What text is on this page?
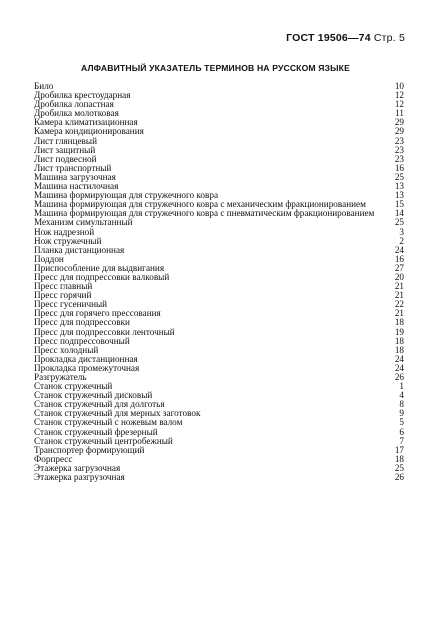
ГОСТ 19506—74 Стр. 5
АЛФАВИТНЫЙ УКАЗАТЕЛЬ ТЕРМИНОВ НА РУССКОМ ЯЗЫКЕ
Било	10
Дробилка крестоударная	12
Дробилка лопастная	12
Дробилка молотковая	11
Камера климатизационная	29
Камера кондиционирования	29
Лист глянцевый	23
Лист защитный	23
Лист подвесной	23
Лист транспортный	16
Машина загрузочная	25
Машина настилочная	13
Машина формирующая для стружечного ковра	13
Машина формирующая для стружечного ковра с механическим фракционированием	15
Машина формирующая для стружечного ковра с пневматическим фракционированием	14
Механизм симультанный	25
Нож надрезной	3
Нож стружечный	2
Планка дистанционная	24
Поддон	16
Приспособление для выдвигания	27
Пресс для подпрессовки валковый	20
Пресс главный	21
Пресс горячий	21
Пресс гусеничный	22
Пресс для горячего прессования	21
Пресс для подпрессовки	18
Пресс для подпрессовки ленточный	19
Пресс подпрессовочный	18
Пресс холодный	18
Прокладка дистанционная	24
Прокладка промежуточная	24
Разгружатель	26
Станок стружечный	1
Станок стружечный дисковый	4
Станок стружечный для долготья	8
Станок стружечный для мерных заготовок	9
Станок стружечный с ножевым валом	5
Станок стружечный фрезерный	6
Станок стружечный центробежный	7
Транспортер формирующий	17
Форпресс	18
Этажерка загрузочная	25
Этажерка разгрузочная	26
